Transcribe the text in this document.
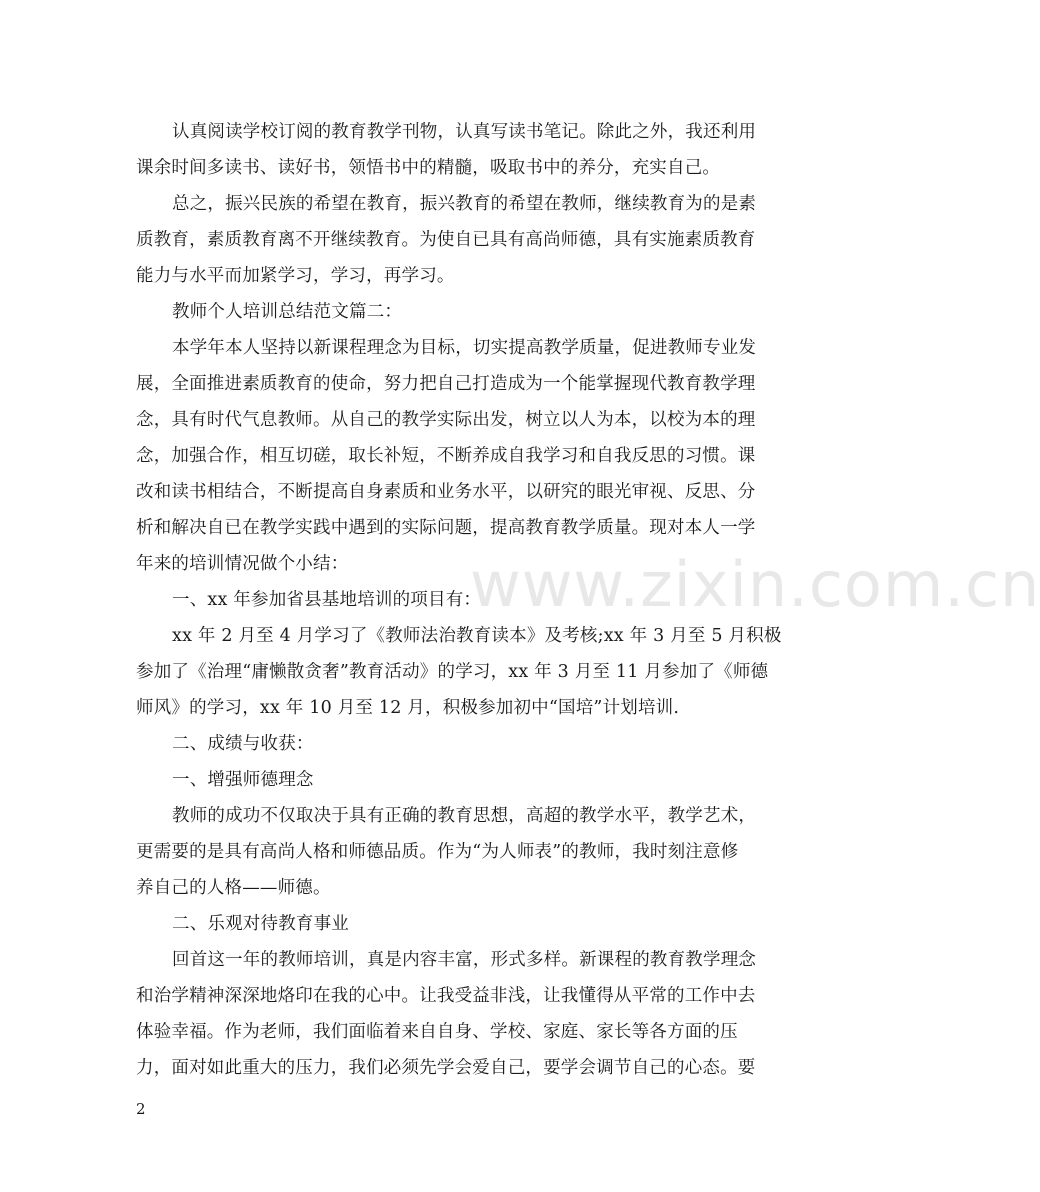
www.zixin.com.cn
认真阅读学校订阅的教育教学刊物，认真写读书笔记。除此之外，我还利用
课余时间多读书、读好书，领悟书中的精髓，吸取书中的养分，充实自己。
总之，振兴民族的希望在教育，振兴教育的希望在教师，继续教育为的是素
质教育，素质教育离不开继续教育。为使自已具有高尚师德，具有实施素质教育
能力与水平而加紧学习，学习，再学习。
教师个人培训总结范文篇二：
本学年本人坚持以新课程理念为目标，切实提高教学质量，促进教师专业发
展，全面推进素质教育的使命，努力把自己打造成为一个能掌握现代教育教学理
念，具有时代气息教师。从自己的教学实际出发，树立以人为本，以校为本的理
念，加强合作，相互切磋，取长补短，不断养成自我学习和自我反思的习惯。课
改和读书相结合，不断提高自身素质和业务水平，以研究的眼光审视、反思、分
析和解决自已在教学实践中遇到的实际问题，提高教育教学质量。现对本人一学
年来的培训情况做个小结：
一、xx 年参加省县基地培训的项目有：
xx 年 2 月至 4 月学习了《教师法治教育读本》及考核;xx 年 3 月至 5 月积极
参加了《治理“庸懒散贪奢”教育活动》的学习，xx 年 3 月至 11 月参加了《师德
师风》的学习，xx 年 10 月至 12 月，积极参加初中“国培”计划培训.
二、成绩与收获：
一、增强师德理念
教师的成功不仅取决于具有正确的教育思想，高超的教学水平，教学艺术，
更需要的是具有高尚人格和师德品质。作为“为人师表”的教师，我时刻注意修
养自己的人格——师德。
二、乐观对待教育事业
回首这一年的教师培训，真是内容丰富，形式多样。新课程的教育教学理念
和治学精神深深地烙印在我的心中。让我受益非浅，让我懂得从平常的工作中去
体验幸福。作为老师，我们面临着来自自身、学校、家庭、家长等各方面的压
力，面对如此重大的压力，我们必须先学会爱自己，要学会调节自己的心态。要
2
